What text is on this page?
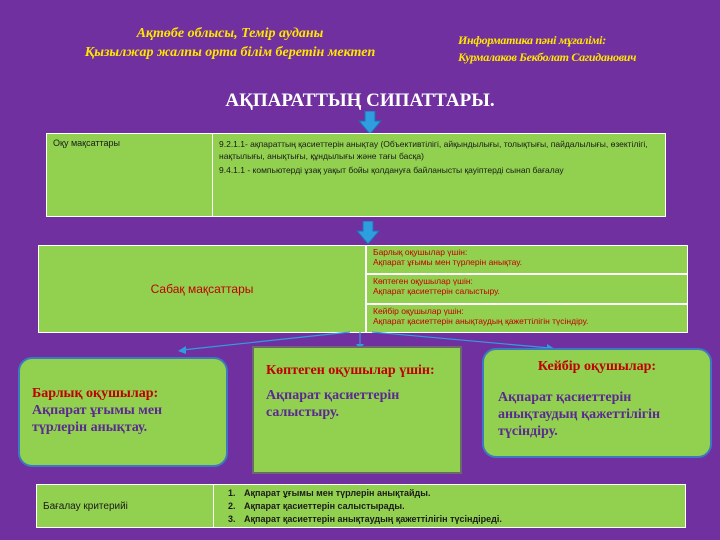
Ақтөбе облысы, Темір ауданы
Қызылжар жалпы орта білім беретін мектеп
Информатика пәні мұғалімі:
Курмалаков Бекболат Сагиданович
АҚПАРАТТЫҢ СИПАТТАРЫ.
Оқу мақсаттары	9.2.1.1- ақпараттың қасиеттерін анықтау (Объективтілігі, айқындылығы, толықтығы, пайдалылығы, өзектілігі, нақтылығы, анықтығы, құндылығы және тағы басқа)

9.4.1.1 - компьютерді ұзақ уақыт бойы қолдануға байланысты қауіптерді сынап бағалау

Сабақ мақсаттары
Барлық оқушылар үшін:
Ақпарат ұғымы мен түрлерін анықтау.
Көптеген оқушылар үшін:
Ақпарат қасиеттерін салыстыру.
Кейбір оқушылар үшін:
Ақпарат қасиеттерін анықтаудың қажеттілігін түсіндіру.
Барлық оқушылар:
Ақпарат ұғымы мен түрлерін анықтау.
Көптеген оқушылар үшін:
Ақпарат қасиеттерін салыстыру.
Кейбір оқушылар:
Ақпарат қасиеттерін анықтаудың қажеттілігін түсіндіру.
Бағалау критерийі
1. Ақпарат ұғымы мен түрлерін анықтайды.
2. Ақпарат қасиеттерін салыстырады.
3. Ақпарат қасиеттерін анықтаудың қажеттілігін түсіндіреді.
